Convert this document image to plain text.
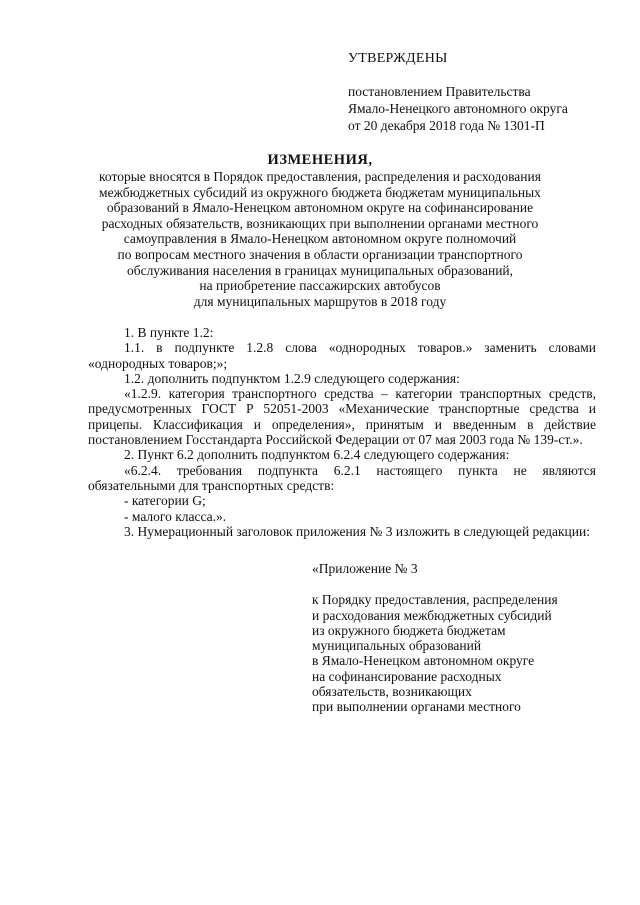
УТВЕРЖДЕНЫ
постановлением Правительства
Ямало-Ненецкого автономного округа
от 20 декабря 2018 года № 1301-П
ИЗМЕНЕНИЯ,
которые вносятся в Порядок предоставления, распределения и расходования
межбюджетных субсидий из окружного бюджета бюджетам муниципальных
образований в Ямало-Ненецком автономном округе на софинансирование
расходных обязательств, возникающих при выполнении органами местного
самоуправления в Ямало-Ненецком автономном округе полномочий
по вопросам местного значения в области организации транспортного
обслуживания населения в границах муниципальных образований,
на приобретение пассажирских автобусов
для муниципальных маршрутов в 2018 году

1. В пункте 1.2:

1.1. в подпункте 1.2.8 слова «однородных товаров.» заменить словами «однородных товаров;»;

1.2. дополнить подпунктом 1.2.9 следующего содержания:

«1.2.9. категория транспортного средства – категории транспортных средств, предусмотренных ГОСТ Р 52051-2003 «Механические транспортные средства и прицепы. Классификация и определения», принятым и введенным в действие постановлением Госстандарта Российской Федерации от 07 мая 2003 года № 139-ст.».

2. Пункт 6.2 дополнить подпунктом 6.2.4 следующего содержания:

«6.2.4. требования подпункта 6.2.1 настоящего пункта не являются обязательными для транспортных средств:

- категории G;

- малого класса.».

3. Нумерационный заголовок приложения № 3 изложить в следующей редакции:

«Приложение № 3
к Порядку предоставления, распределения
и расходования межбюджетных субсидий
из окружного бюджета бюджетам
муниципальных образований
в Ямало-Ненецком автономном округе
на софинансирование расходных
обязательств, возникающих
при выполнении органами местного
